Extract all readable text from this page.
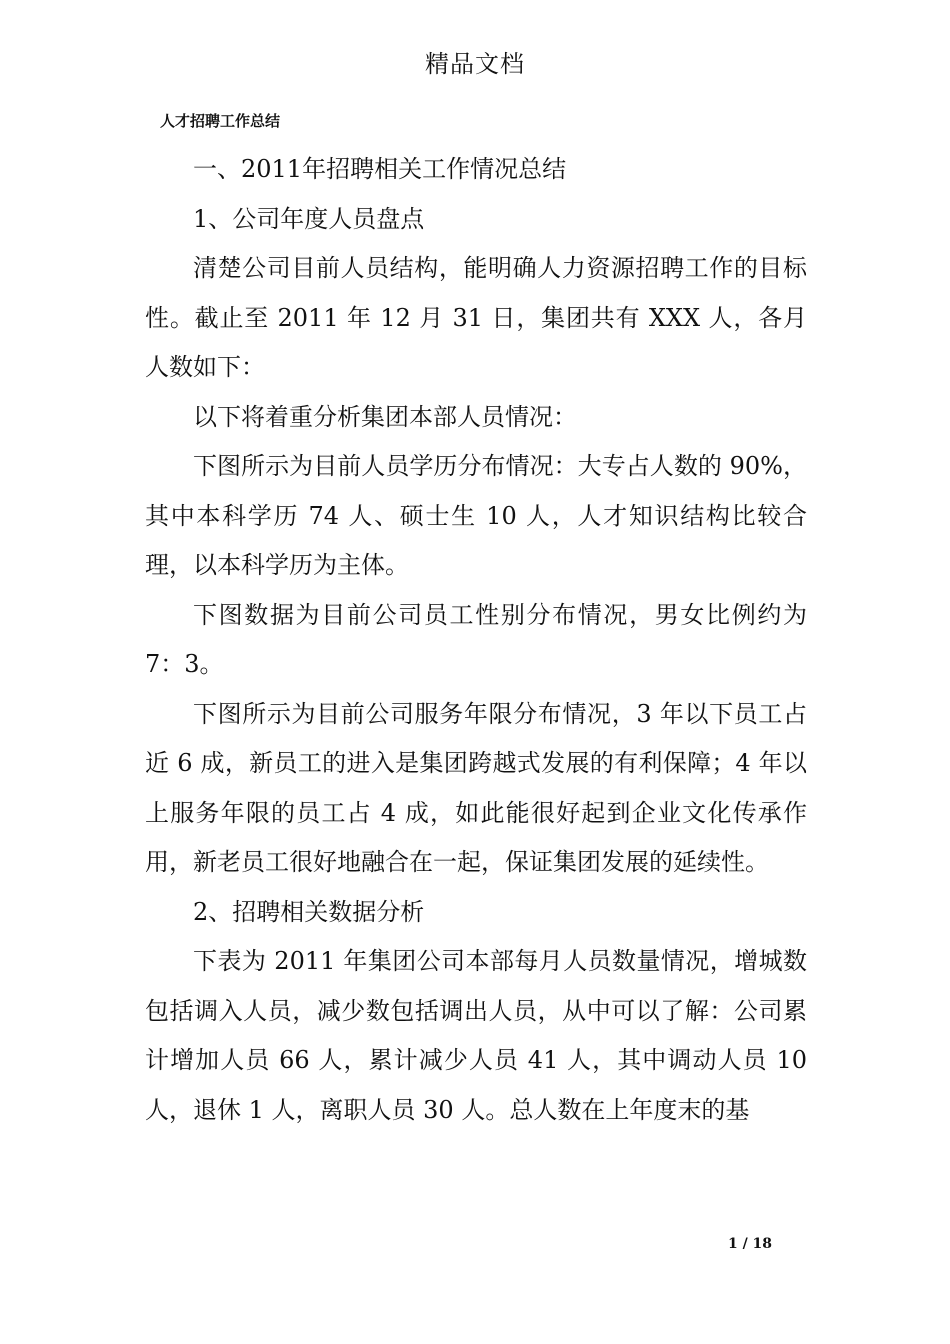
精品文档
人才招聘工作总结

一、2011年招聘相关工作情况总结

1、公司年度人员盘点

清楚公司目前人员结构，能明确人力资源招聘工作的目标性。截止至 2011 年 12 月 31 日，集团共有 XXX 人，各月人数如下：

以下将着重分析集团本部人员情况：

下图所示为目前人员学历分布情况：大专占人数的 90%，其中本科学历 74 人、硕士生 10 人，人才知识结构比较合理，以本科学历为主体。

下图数据为目前公司员工性别分布情况，男女比例约为 7：3。

下图所示为目前公司服务年限分布情况，3 年以下员工占近 6 成，新员工的进入是集团跨越式发展的有利保障；4 年以上服务年限的员工占 4 成，如此能很好起到企业文化传承作用，新老员工很好地融合在一起，保证集团发展的延续性。

2、招聘相关数据分析

下表为 2011 年集团公司本部每月人员数量情况，增城数包括调入人员，减少数包括调出人员，从中可以了解：公司累计增加人员 66 人，累计减少人员 41 人，其中调动人员 10 人，退休 1 人，离职人员 30 人。总人数在上年度末的基

1 / 18
